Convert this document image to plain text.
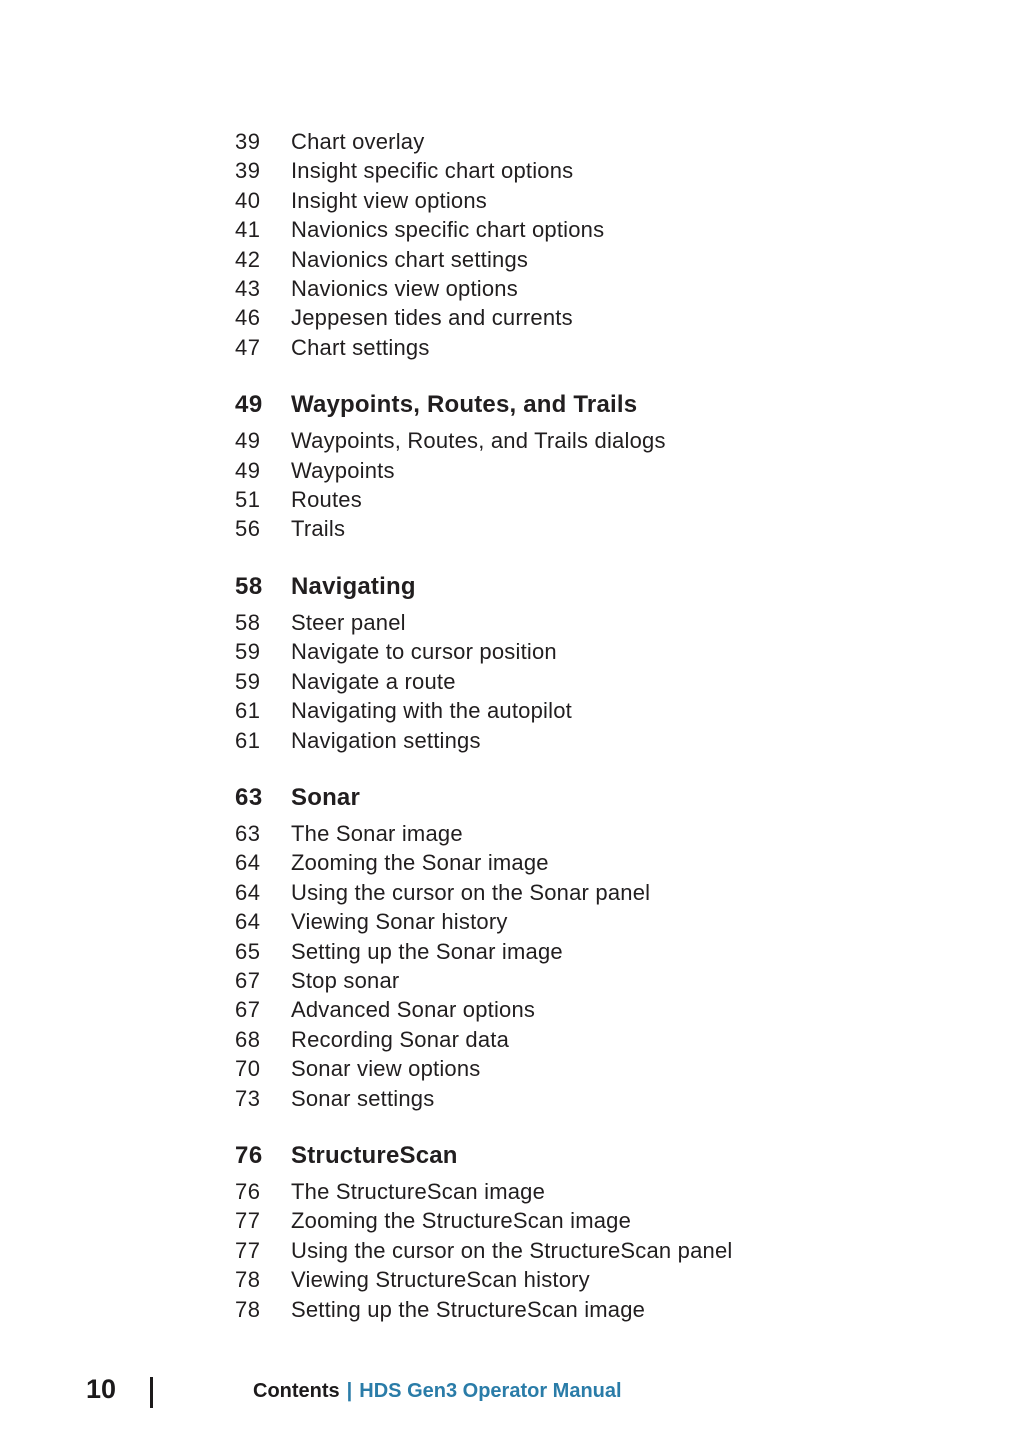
39	Chart overlay
39	Insight specific chart options
40	Insight view options
41	Navionics specific chart options
42	Navionics chart settings
43	Navionics view options
46	Jeppesen tides and currents
47	Chart settings
49	Waypoints, Routes, and Trails
49	Waypoints, Routes, and Trails dialogs
49	Waypoints
51	Routes
56	Trails
58	Navigating
58	Steer panel
59	Navigate to cursor position
59	Navigate a route
61	Navigating with the autopilot
61	Navigation settings
63	Sonar
63	The Sonar image
64	Zooming the Sonar image
64	Using the cursor on the Sonar panel
64	Viewing Sonar history
65	Setting up the Sonar image
67	Stop sonar
67	Advanced Sonar options
68	Recording Sonar data
70	Sonar view options
73	Sonar settings
76	StructureScan
76	The StructureScan image
77	Zooming the StructureScan image
77	Using the cursor on the StructureScan panel
78	Viewing StructureScan history
78	Setting up the StructureScan image
10	Contents | HDS Gen3 Operator Manual
